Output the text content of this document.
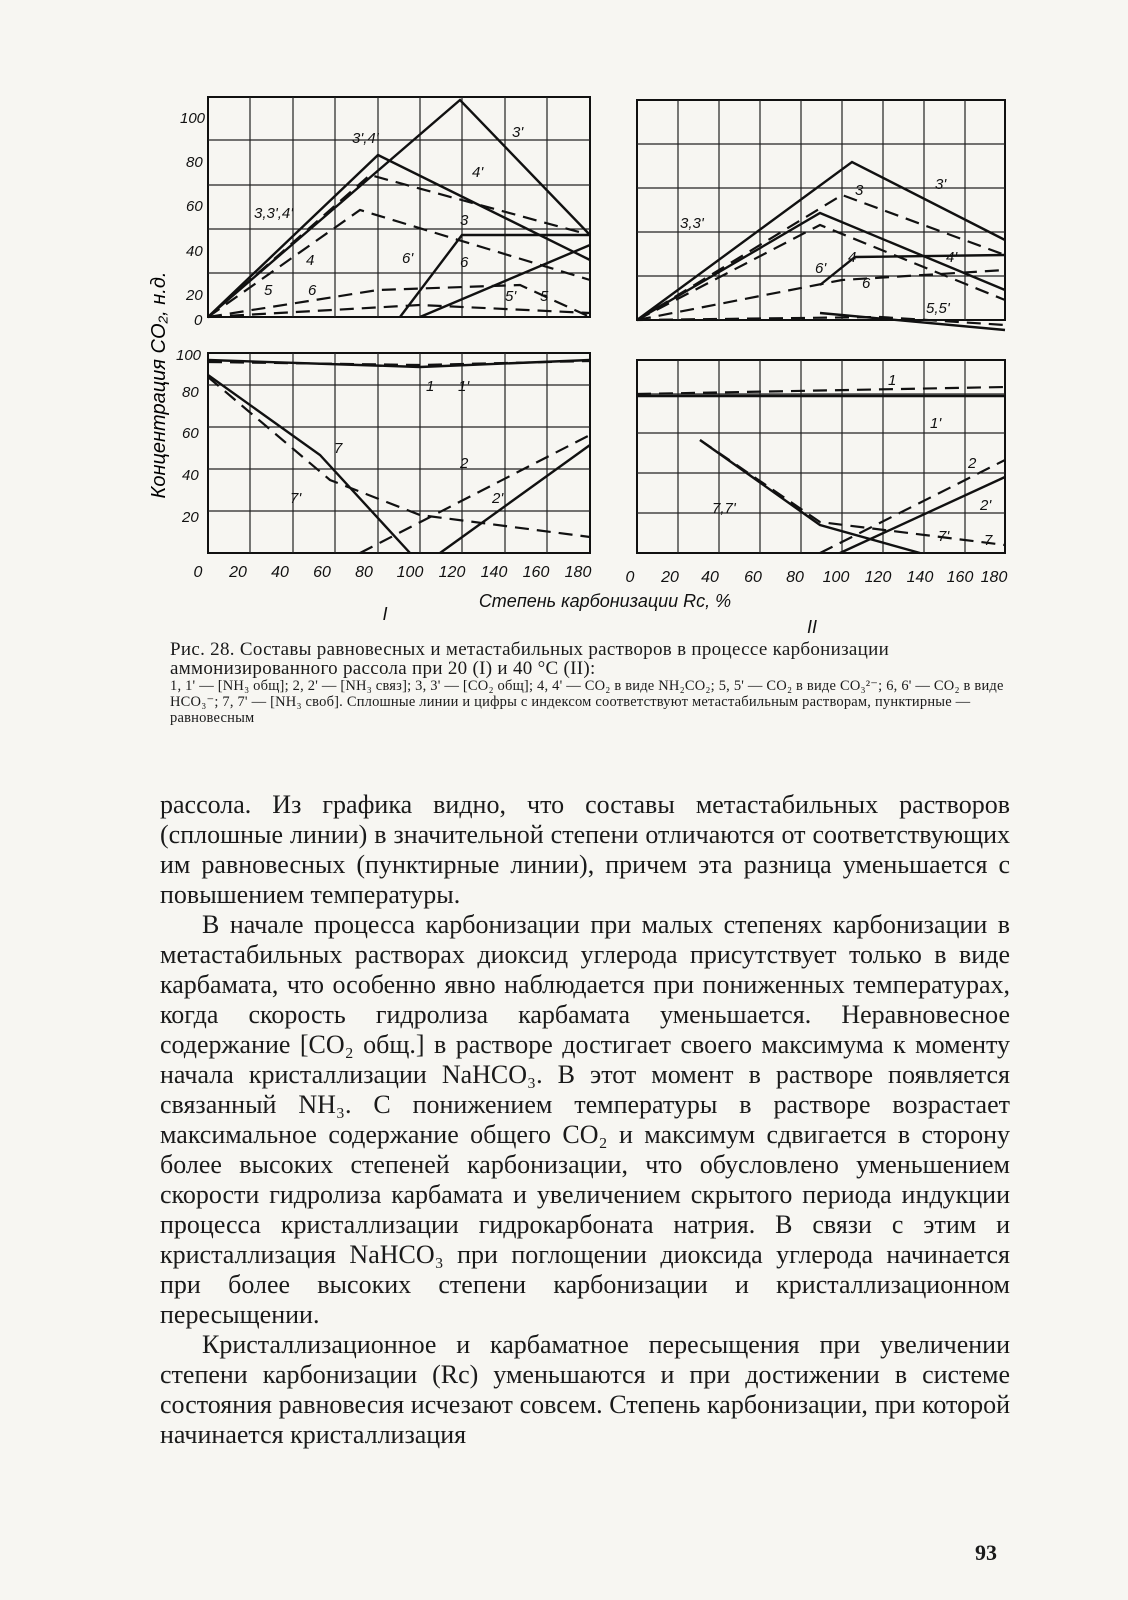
Концентрация CO₂, н.д.
100
80
60
40
20
0
3',4'	3'
4'
3,3',4'	3
4	6'	6
5 6	5' 5
100
80
60
40
20
1 1'
7
7'
2
2'
3	3'
3,3'
6'
4	4'
6
5,5'
1
1'
7,7'
2
2'
7' 7
0 20 40 60 80 100 120 140 160 180 0 20 40 60 80 100 120 140 160 180
Степень карбонизации Rc, %
I
II
Рис. 28. Составы равновесных и метастабильных растворов в процессе карбонизации аммонизированного рассола при 20 (I) и 40 °C (II):
1, 1' — [NH₃ общ]; 2, 2' — [NH₃ связ]; 3, 3' — [CO₂ общ]; 4, 4' — CO₂ в виде NH₂CO₂; 5, 5' — CO₂ в виде CO₃²⁻; 6, 6' — CO₂ в виде HCO₃⁻; 7, 7' — [NH₃ своб]. Сплошные линии и цифры с индексом соответствуют метастабильным растворам, пунктирные — равновесным

рассола. Из графика видно, что составы метастабильных растворов (сплошные линии) в значительной степени отличаются от соответствующих им равновесных (пунктирные линии), причем эта разница уменьшается с повышением температуры.

В начале процесса карбонизации при малых степенях карбонизации в метастабильных растворах диоксид углерода присутствует только в виде карбамата, что особенно явно наблюдается при пониженных температурах, когда скорость гидролиза карбамата уменьшается. Неравновесное содержание [CO₂ общ.] в растворе достигает своего максимума к моменту начала кристаллизации NaHCO₃. В этот момент в растворе появляется связанный NH₃. С понижением температуры в растворе возрастает максимальное содержание общего CO₂ и максимум сдвигается в сторону более высоких степеней карбонизации, что обусловлено уменьшением скорости гидролиза карбамата и увеличением скрытого периода индукции процесса кристаллизации гидрокарбоната натрия. В связи с этим и кристаллизация NaHCO₃ при поглощении диоксида углерода начинается при более высоких степени карбонизации и кристаллизационном пересыщении.

Кристаллизационное и карбаматное пересыщения при увеличении степени карбонизации (Rc) уменьшаются и при достижении в системе состояния равновесия исчезают совсем. Степень карбонизации, при которой начинается кристаллизация

93
